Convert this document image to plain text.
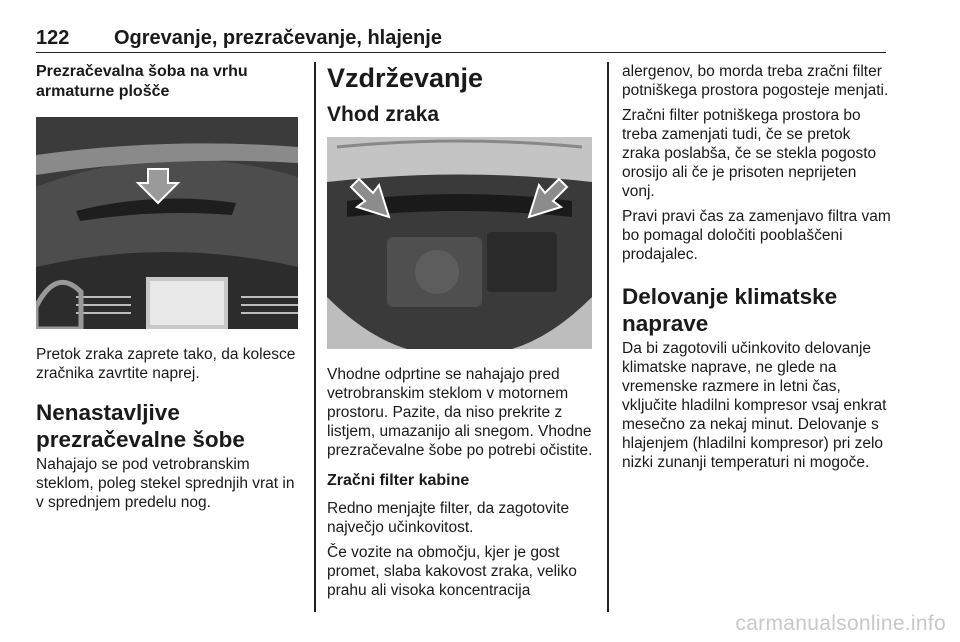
122 Ogrevanje, prezračevanje, hlajenje
Prezračevalna šoba na vrhu armaturne plošče

Pretok zraka zaprete tako, da kolesce zračnika zavrtite naprej.

Nenastavljive prezračevalne šobe

Nahajajo se pod vetrobranskim steklom, poleg stekel sprednjih vrat in v sprednjem predelu nog.

Vzdrževanje
Vhod zraka

Vhodne odprtine se nahajajo pred vetrobranskim steklom v motornem prostoru. Pazite, da niso prekrite z listjem, umazanijo ali snegom. Vhodne prezračevalne šobe po potrebi očistite.

Zračni filter kabine

Redno menjajte filter, da zagotovite največjo učinkovitost.

Če vozite na območju, kjer je gost promet, slaba kakovost zraka, veliko prahu ali visoka koncentracija

alergenov, bo morda treba zračni filter potniškega prostora pogosteje menjati.

Zračni filter potniškega prostora bo treba zamenjati tudi, če se pretok zraka poslabša, če se stekla pogosto orosijo ali če je prisoten neprijeten vonj.

Pravi pravi čas za zamenjavo filtra vam bo pomagal določiti pooblaščeni prodajalec.

Delovanje klimatske naprave

Da bi zagotovili učinkovito delovanje klimatske naprave, ne glede na vremenske razmere in letni čas, vključite hladilni kompresor vsaj enkrat mesečno za nekaj minut. Delovanje s hlajenjem (hladilni kompresor) pri zelo nizki zunanji temperaturi ni mogoče.

carmanualsonline.info
